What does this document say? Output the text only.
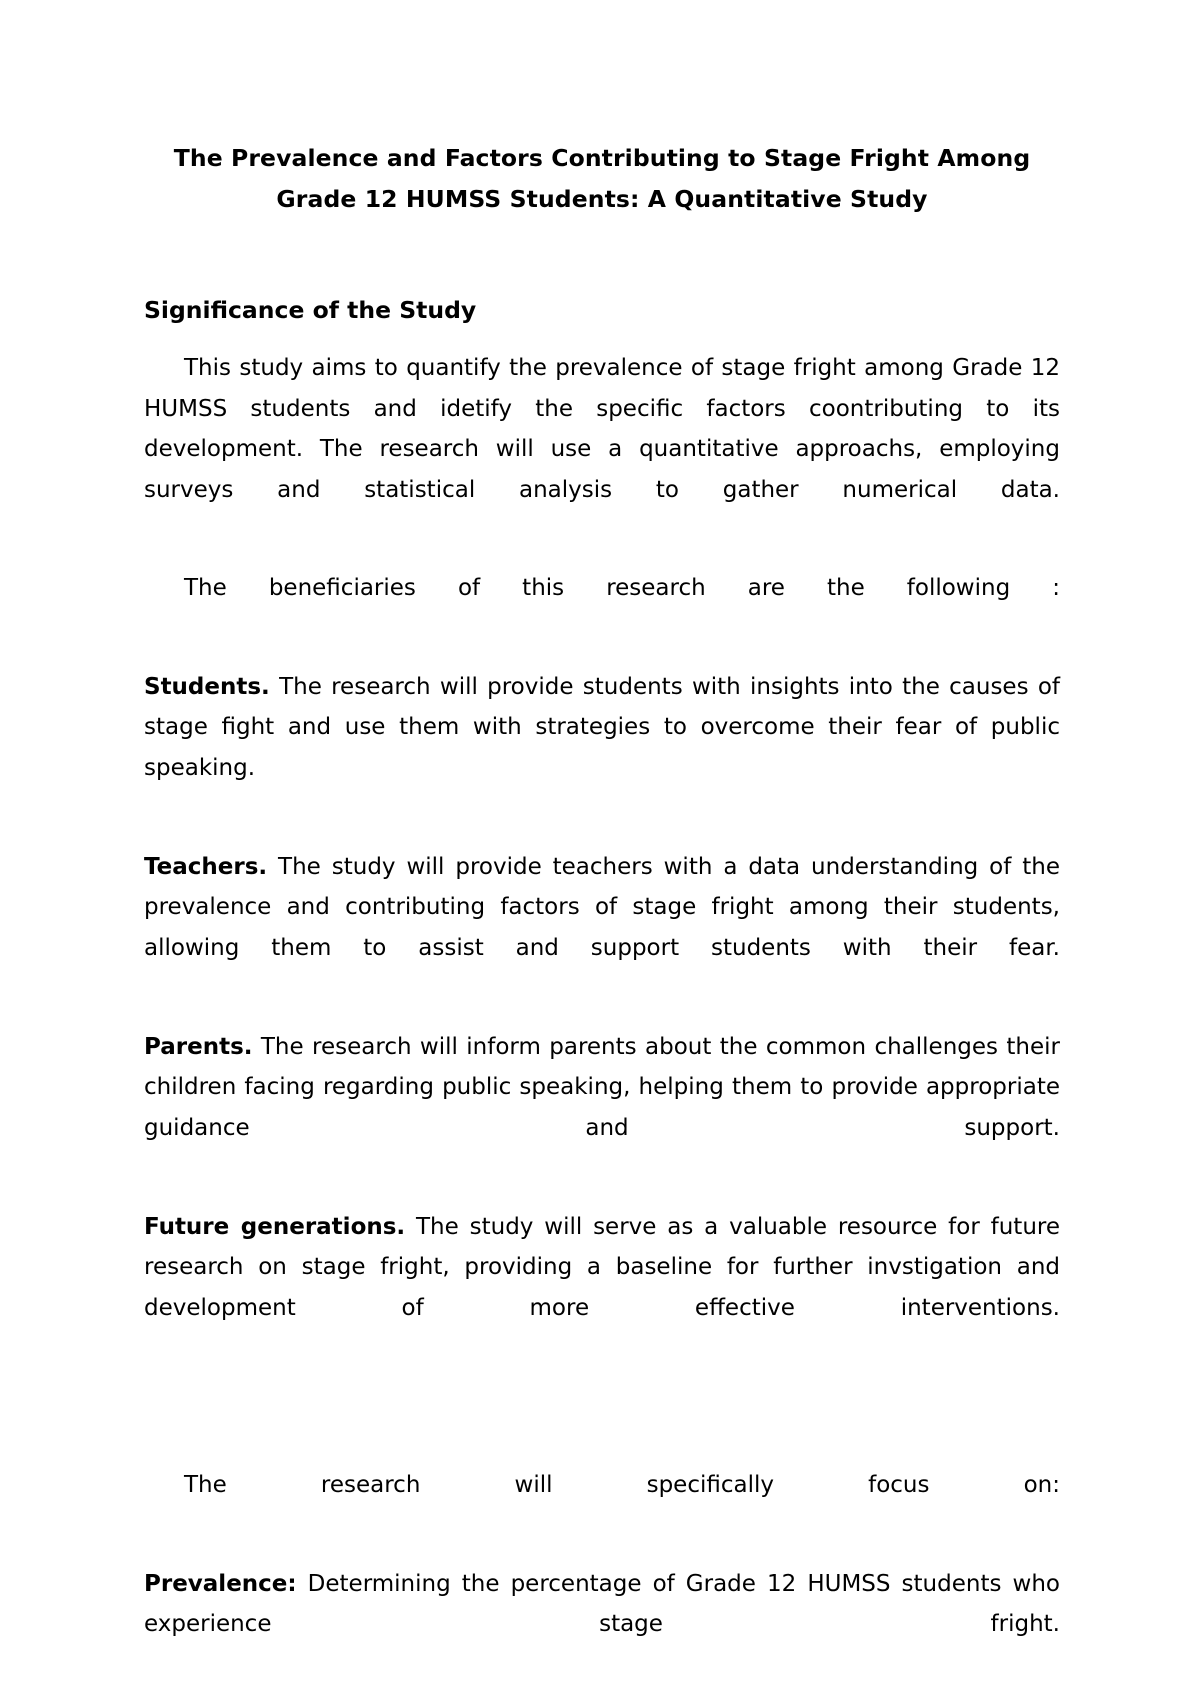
The Prevalence and Factors Contributing to Stage Fright Among
Grade 12 HUMSS Students: A Quantitative Study
Significance of the Study

This study aims to quantify the prevalence of stage fright among Grade 12 HUMSS students and idetify the specific factors coontributing to its development. The research will use a quantitative approachs, employing surveys and statistical analysis to gather numerical data.

The beneficiaries of this research are the following :

Students. The research will provide students with insights into the causes of stage fight and use them with strategies to overcome their fear of public speaking.

Teachers. The study will provide teachers with a data understanding of the prevalence and contributing factors of stage fright among their students, allowing them to assist and support students with their fear.

Parents. The research will inform parents about the common challenges their children facing regarding public speaking, helping them to provide appropriate guidance and support.

Future generations. The study will serve as a valuable resource for future research on stage fright, providing a baseline for further invstigation and development of more effective interventions.

The research will specifically focus on:

Prevalence: Determining the percentage of Grade 12 HUMSS students who experience stage fright.
